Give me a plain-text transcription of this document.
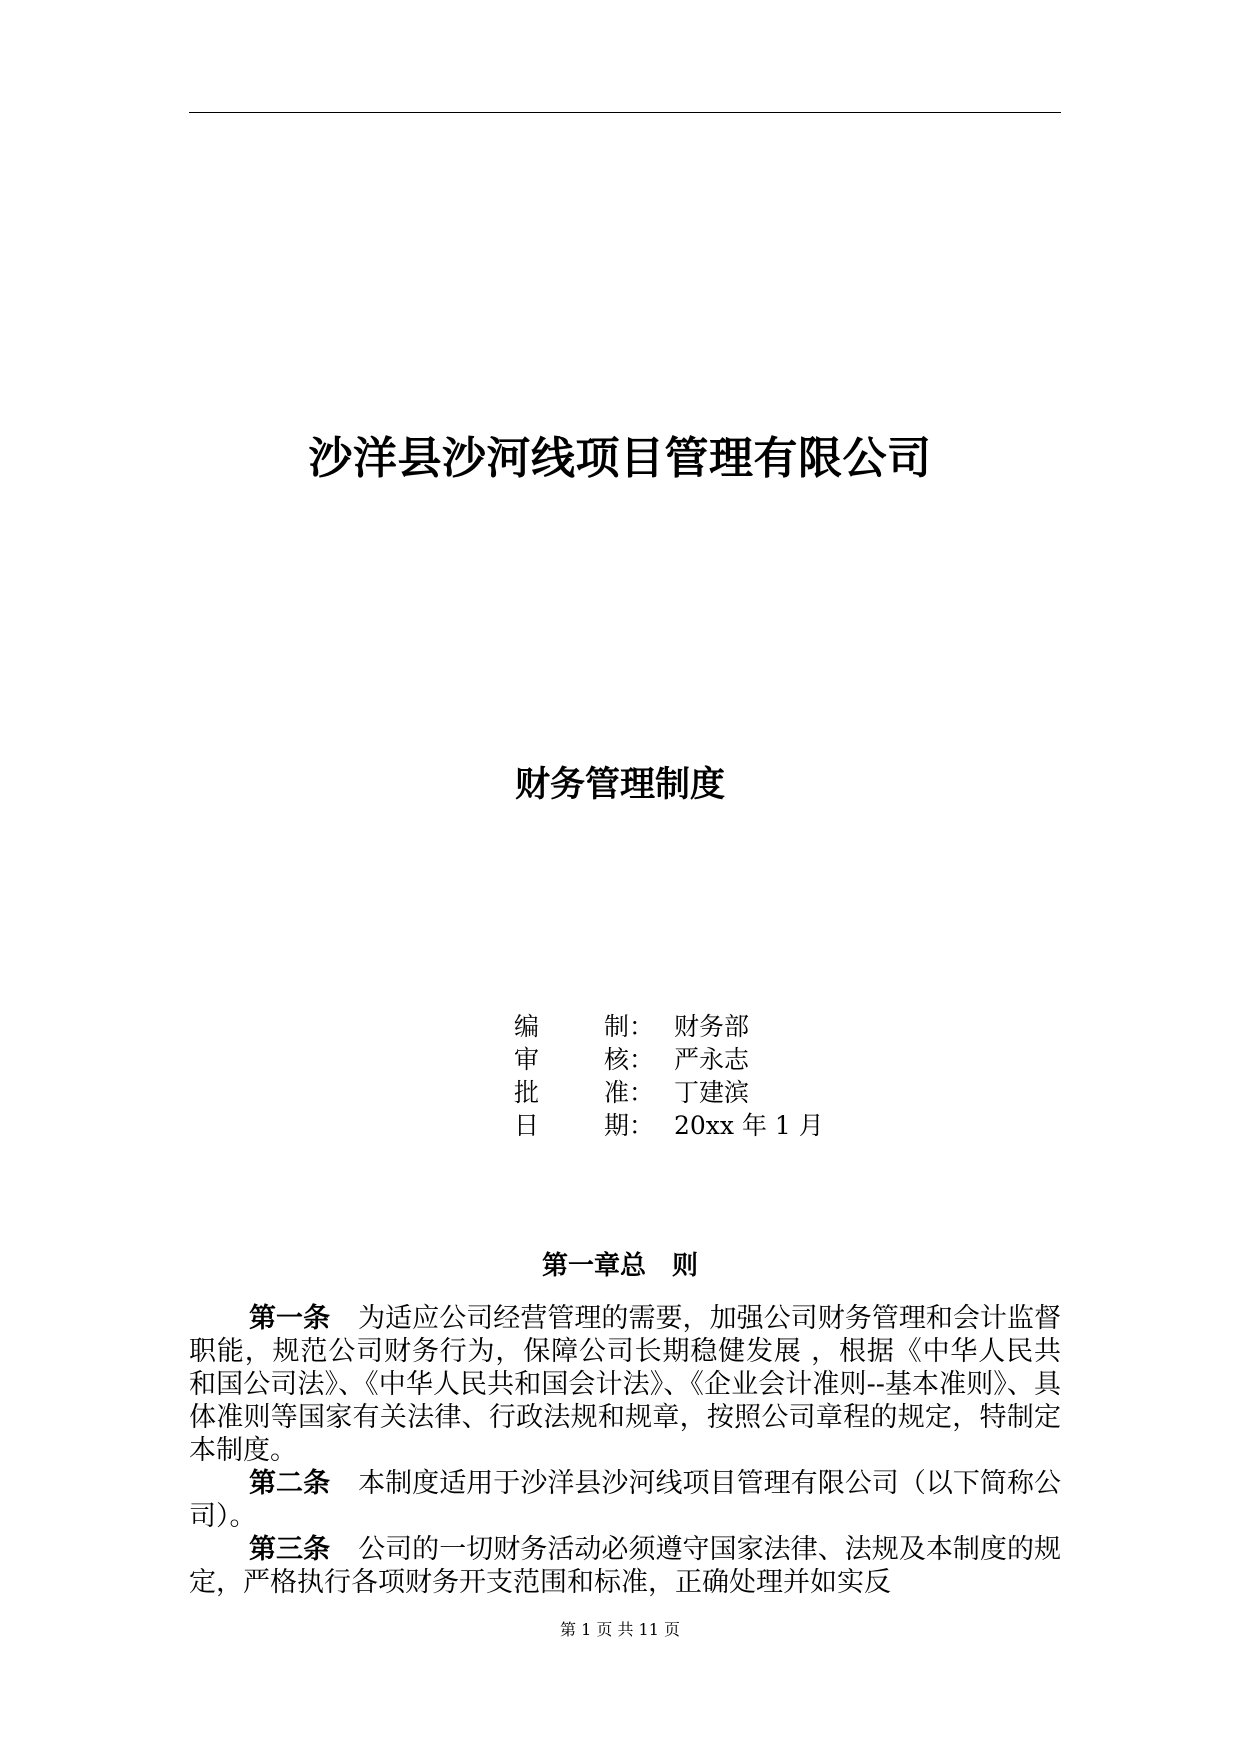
沙洋县沙河线项目管理有限公司
财务管理制度
编	制： 财务部
审	核： 严永志
批	准： 丁建滨
日	期： 20xx 年 1 月
第一章总　则

第一条 为适应公司经营管理的需要，加强公司财务管理和会计监督职能，规范公司财务行为，保障公司长期稳健发展 ，根据《中华人民共和国公司法》、《中华人民共和国会计法》、《企业会计准则--基本准则》、具体准则等国家有关法律、行政法规和规章，按照公司章程的规定，特制定本制度。

第二条 本制度适用于沙洋县沙河线项目管理有限公司（以下简称公司）。

第三条 公司的一切财务活动必须遵守国家法律、法规及本制度的规定，严格执行各项财务开支范围和标准，正确处理并如实反

第 1 页 共 11 页
